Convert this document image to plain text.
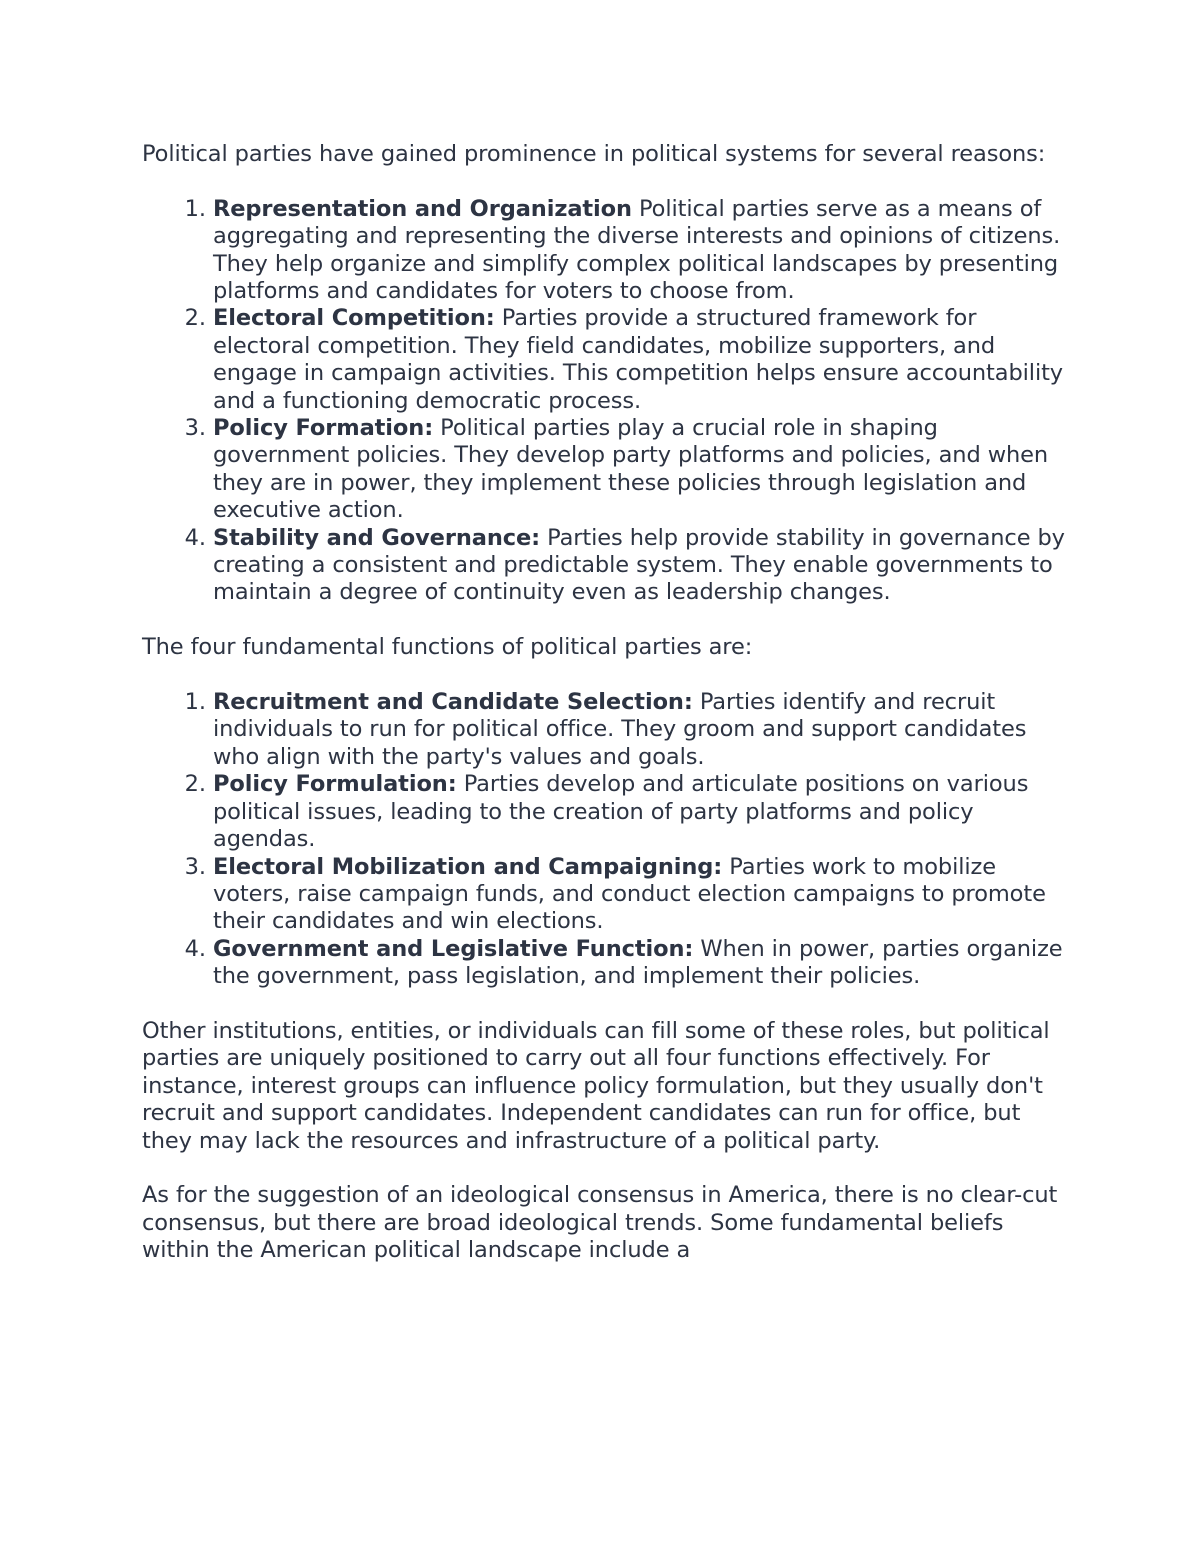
Political parties have gained prominence in political systems for several reasons:

1. Representation and Organization Political parties serve as a means of aggregating and representing the diverse interests and opinions of citizens. They help organize and simplify complex political landscapes by presenting platforms and candidates for voters to choose from.
2. Electoral Competition: Parties provide a structured framework for electoral competition. They field candidates, mobilize supporters, and engage in campaign activities. This competition helps ensure accountability and a functioning democratic process.
3. Policy Formation: Political parties play a crucial role in shaping government policies. They develop party platforms and policies, and when they are in power, they implement these policies through legislation and executive action.
4. Stability and Governance: Parties help provide stability in governance by creating a consistent and predictable system. They enable governments to maintain a degree of continuity even as leadership changes.

The four fundamental functions of political parties are:

1. Recruitment and Candidate Selection: Parties identify and recruit individuals to run for political office. They groom and support candidates who align with the party's values and goals.
2. Policy Formulation: Parties develop and articulate positions on various political issues, leading to the creation of party platforms and policy agendas.
3. Electoral Mobilization and Campaigning: Parties work to mobilize voters, raise campaign funds, and conduct election campaigns to promote their candidates and win elections.
4. Government and Legislative Function: When in power, parties organize the government, pass legislation, and implement their policies.

Other institutions, entities, or individuals can fill some of these roles, but political parties are uniquely positioned to carry out all four functions effectively. For instance, interest groups can influence policy formulation, but they usually don't recruit and support candidates. Independent candidates can run for office, but they may lack the resources and infrastructure of a political party.

As for the suggestion of an ideological consensus in America, there is no clear-cut consensus, but there are broad ideological trends. Some fundamental beliefs within the American political landscape include a
